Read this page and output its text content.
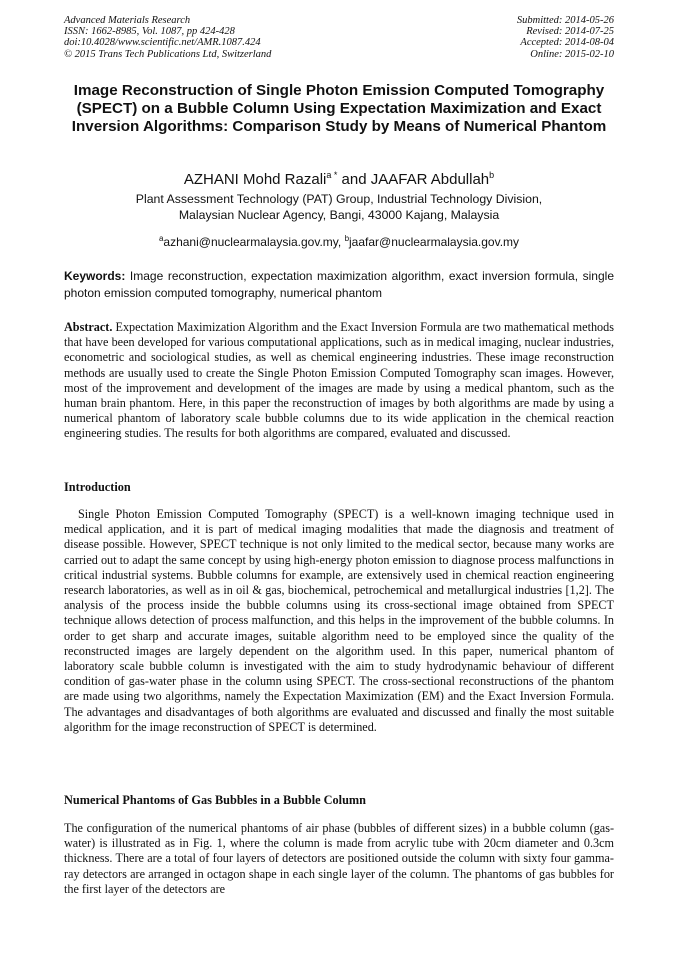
Advanced Materials Research
ISSN: 1662-8985, Vol. 1087, pp 424-428
doi:10.4028/www.scientific.net/AMR.1087.424
© 2015 Trans Tech Publications Ltd, Switzerland
Submitted: 2014-05-26
Revised: 2014-07-25
Accepted: 2014-08-04
Online: 2015-02-10
Image Reconstruction of Single Photon Emission Computed Tomography (SPECT) on a Bubble Column Using Expectation Maximization and Exact Inversion Algorithms: Comparison Study by Means of Numerical Phantom
AZHANI Mohd Razali$^{a *}$ and JAAFAR Abdullah$^b$
Plant Assessment Technology (PAT) Group, Industrial Technology Division,
Malaysian Nuclear Agency, Bangi, 43000 Kajang, Malaysia
$^a$azhani@nuclearmalaysia.gov.my, $^b$jaafar@nuclearmalaysia.gov.my
Keywords: Image reconstruction, expectation maximization algorithm, exact inversion formula, single photon emission computed tomography, numerical phantom
Abstract. Expectation Maximization Algorithm and the Exact Inversion Formula are two mathematical methods that have been developed for various computational applications, such as in medical imaging, nuclear industries, econometric and sociological studies, as well as chemical engineering industries. These image reconstruction methods are usually used to create the Single Photon Emission Computed Tomography scan images. However, most of the improvement and development of the images are made by using a medical phantom, such as the human brain phantom. Here, in this paper the reconstruction of images by both algorithms are made by using a numerical phantom of laboratory scale bubble columns due to its wide application in the chemical reaction engineering studies. The results for both algorithms are compared, evaluated and discussed.
Introduction
Single Photon Emission Computed Tomography (SPECT) is a well-known imaging technique used in medical application, and it is part of medical imaging modalities that made the diagnosis and treatment of disease possible. However, SPECT technique is not only limited to the medical sector, because many works are carried out to adapt the same concept by using high-energy photon emission to diagnose process malfunctions in critical industrial systems. Bubble columns for example, are extensively used in chemical reaction engineering research laboratories, as well as in oil & gas, biochemical, petrochemical and metallurgical industries [1,2]. The analysis of the process inside the bubble columns using its cross-sectional image obtained from SPECT technique allows detection of process malfunction, and this helps in the improvement of the bubble columns. In order to get sharp and accurate images, suitable algorithm need to be employed since the quality of the reconstructed images are largely dependent on the algorithm used. In this paper, numerical phantom of laboratory scale bubble column is investigated with the aim to study hydrodynamic behaviour of different condition of gas-water phase in the column using SPECT. The cross-sectional reconstructions of the phantom are made using two algorithms, namely the Expectation Maximization (EM) and the Exact Inversion Formula. The advantages and disadvantages of both algorithms are evaluated and discussed and finally the most suitable algorithm for the image reconstruction of SPECT is determined.
Numerical Phantoms of Gas Bubbles in a Bubble Column
The configuration of the numerical phantoms of air phase (bubbles of different sizes) in a bubble column (gas-water) is illustrated as in Fig. 1, where the column is made from acrylic tube with 20cm diameter and 0.3cm thickness. There are a total of four layers of detectors are positioned outside the column with sixty four gamma-ray detectors are arranged in octagon shape in each single layer of the column. The phantoms of gas bubbles for the first layer of the detectors are
